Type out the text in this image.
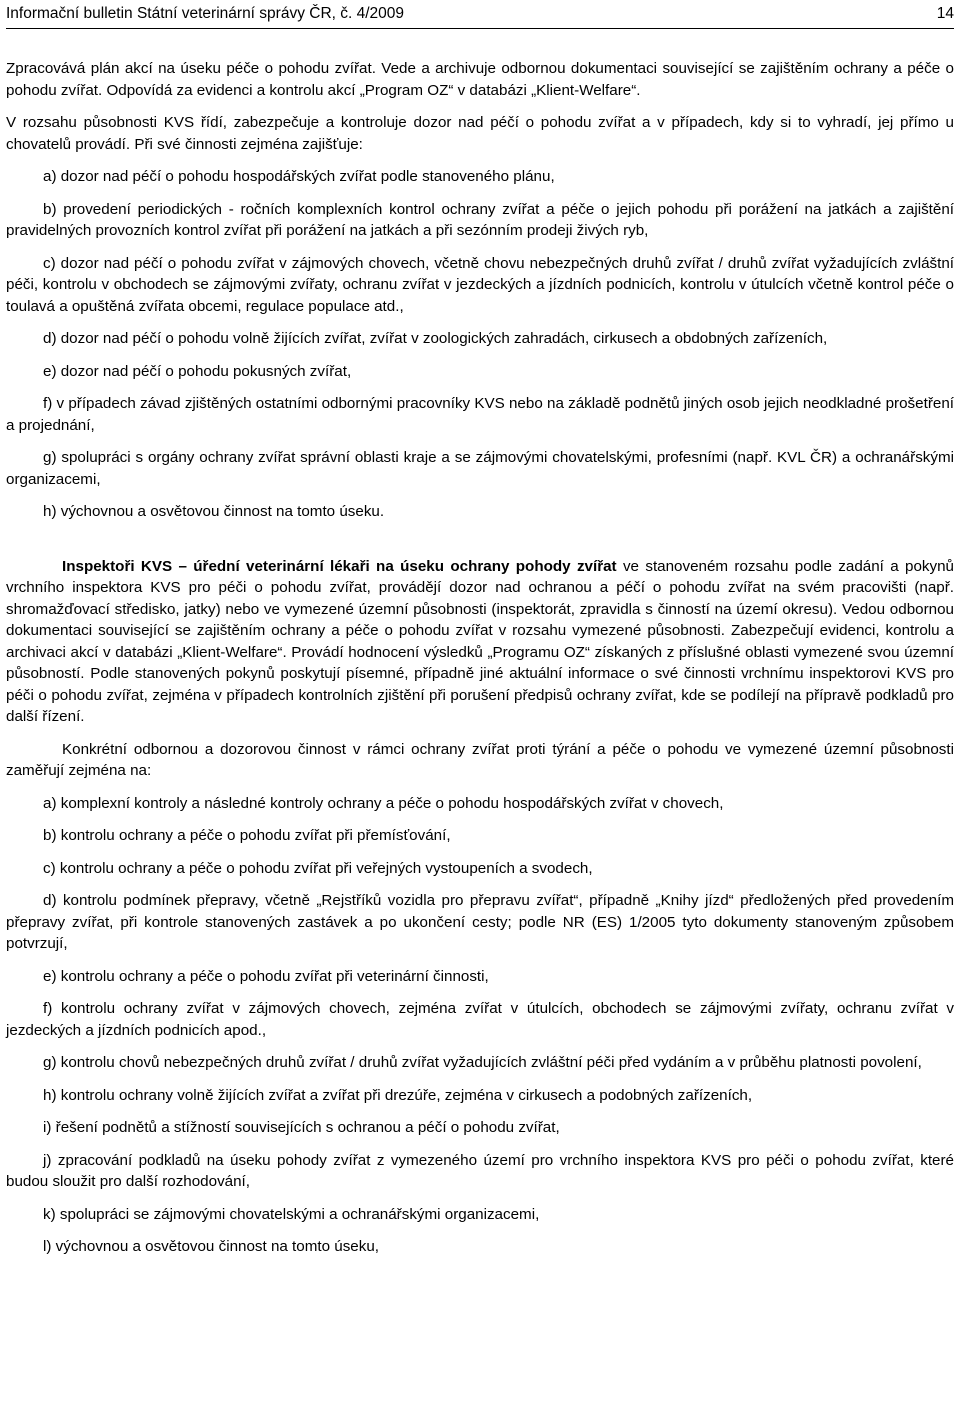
Informační bulletin Státní veterinární správy ČR, č. 4/2009	14

Zpracovává plán akcí na úseku péče o pohodu zvířat. Vede a archivuje odbornou dokumentaci související se zajištěním ochrany a péče o pohodu zvířat. Odpovídá za evidenci a kontrolu akcí „Program OZ“ v databázi „Klient-Welfare“.

V rozsahu působnosti KVS řídí, zabezpečuje a kontroluje dozor nad péčí o pohodu zvířat a v případech, kdy si to vyhradí, jej přímo u chovatelů provádí. Při své činnosti zejména zajišťuje:

a) dozor nad péčí o pohodu hospodářských zvířat podle stanoveného plánu,

b) provedení periodických - ročních komplexních kontrol ochrany zvířat a péče o jejich pohodu při porážení na jatkách a zajištění pravidelných provozních kontrol zvířat při porážení na jatkách a při sezónním prodeji živých ryb,

c) dozor nad péčí o pohodu zvířat v zájmových chovech, včetně chovu nebezpečných druhů zvířat / druhů zvířat vyžadujících zvláštní péči, kontrolu v obchodech se zájmovými zvířaty, ochranu zvířat v jezdeckých a jízdních podnicích, kontrolu v útulcích včetně kontrol péče o toulavá a opuštěná zvířata obcemi, regulace populace atd.,

d) dozor nad péčí o pohodu volně žijících zvířat, zvířat v zoologických zahradách, cirkusech a obdobných zařízeních,

e) dozor nad péčí o pohodu pokusných zvířat,

f) v případech závad zjištěných ostatními odbornými pracovníky KVS nebo na základě podnětů jiných osob jejich neodkladné prošetření a projednání,

g) spolupráci s orgány ochrany zvířat správní oblasti kraje a se zájmovými chovatelskými, profesními (např. KVL ČR) a ochranářskými organizacemi,

h) výchovnou a osvětovou činnost na tomto úseku.

Inspektoři KVS – úřední veterinární lékaři na úseku ochrany pohody zvířat ve stanoveném rozsahu podle zadání a pokynů vrchního inspektora KVS pro péči o pohodu zvířat, provádějí dozor nad ochranou a péčí o pohodu zvířat na svém pracovišti (např. shromažďovací středisko, jatky) nebo ve vymezené územní působnosti (inspektorát, zpravidla s činností na území okresu). Vedou odbornou dokumentaci související se zajištěním ochrany a péče o pohodu zvířat v rozsahu vymezené působnosti. Zabezpečují evidenci, kontrolu a archivaci akcí v databázi „Klient-Welfare“. Provádí hodnocení výsledků „Programu OZ“ získaných z příslušné oblasti vymezené svou územní působností. Podle stanovených pokynů poskytují písemné, případně jiné aktuální informace o své činnosti vrchnímu inspektorovi KVS pro péči o pohodu zvířat, zejména v případech kontrolních zjištění při porušení předpisů ochrany zvířat, kde se podílejí na přípravě podkladů pro další řízení.

Konkrétní odbornou a dozorovou činnost v rámci ochrany zvířat proti týrání a péče o pohodu ve vymezené územní působnosti zaměřují zejména na:

a) komplexní kontroly a následné kontroly ochrany a péče o pohodu hospodářských zvířat v chovech,

b) kontrolu ochrany a péče o pohodu zvířat při přemísťování,

c) kontrolu ochrany a péče o pohodu zvířat při veřejných vystoupeních a svodech,

d) kontrolu podmínek přepravy, včetně „Rejstříků vozidla pro přepravu zvířat“, případně „Knihy jízd“ předložených před provedením přepravy zvířat, při kontrole stanovených zastávek a po ukončení cesty; podle NR (ES) 1/2005 tyto dokumenty stanoveným způsobem potvrzují,

e) kontrolu ochrany a péče o pohodu zvířat při veterinární činnosti,

f) kontrolu ochrany zvířat v zájmových chovech, zejména zvířat v útulcích, obchodech se zájmovými zvířaty, ochranu zvířat v jezdeckých a jízdních podnicích apod.,

g) kontrolu chovů nebezpečných druhů zvířat / druhů zvířat vyžadujících zvláštní péči před vydáním a v průběhu platnosti povolení,

h) kontrolu ochrany volně žijících zvířat a zvířat při drezúře, zejména v cirkusech a podobných zařízeních,

i) řešení podnětů a stížností souvisejících s ochranou a péčí o pohodu zvířat,

j) zpracování podkladů na úseku pohody zvířat z vymezeného území pro vrchního inspektora KVS pro péči o pohodu zvířat, které budou sloužit pro další rozhodování,

k) spolupráci se zájmovými chovatelskými a ochranářskými organizacemi,

l) výchovnou a osvětovou činnost na tomto úseku,
